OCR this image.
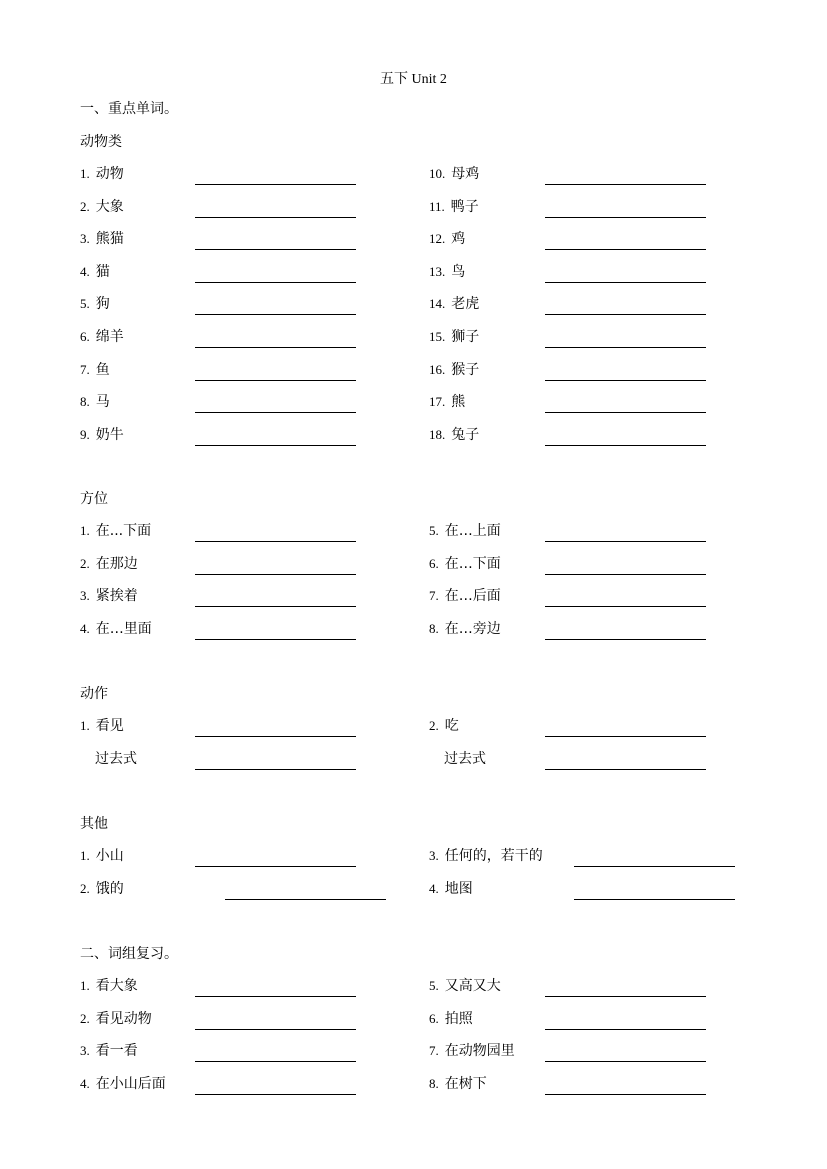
五下 Unit 2
一、重点单词。
动物类
1. 动物
2. 大象
3. 熊猫
4. 猫
5. 狗
6. 绵羊
7. 鱼
8. 马
9. 奶牛
10. 母鸡
11. 鸭子
12. 鸡
13. 鸟
14. 老虎
15. 狮子
16. 猴子
17. 熊
18. 兔子
方位
1. 在...下面
2. 在那边
3. 紧挨着
4. 在…里面
5. 在…上面
6. 在…下面
7. 在…后面
8. 在…旁边
动作
1. 看见
过去式
2. 吃
过去式
其他
1. 小山
2. 饿的
3. 任何的，若干的
4. 地图
二、词组复习。
1. 看大象
2. 看见动物
3. 看一看
4. 在小山后面
5. 又高又大
6. 拍照
7. 在动物园里
8. 在树下
